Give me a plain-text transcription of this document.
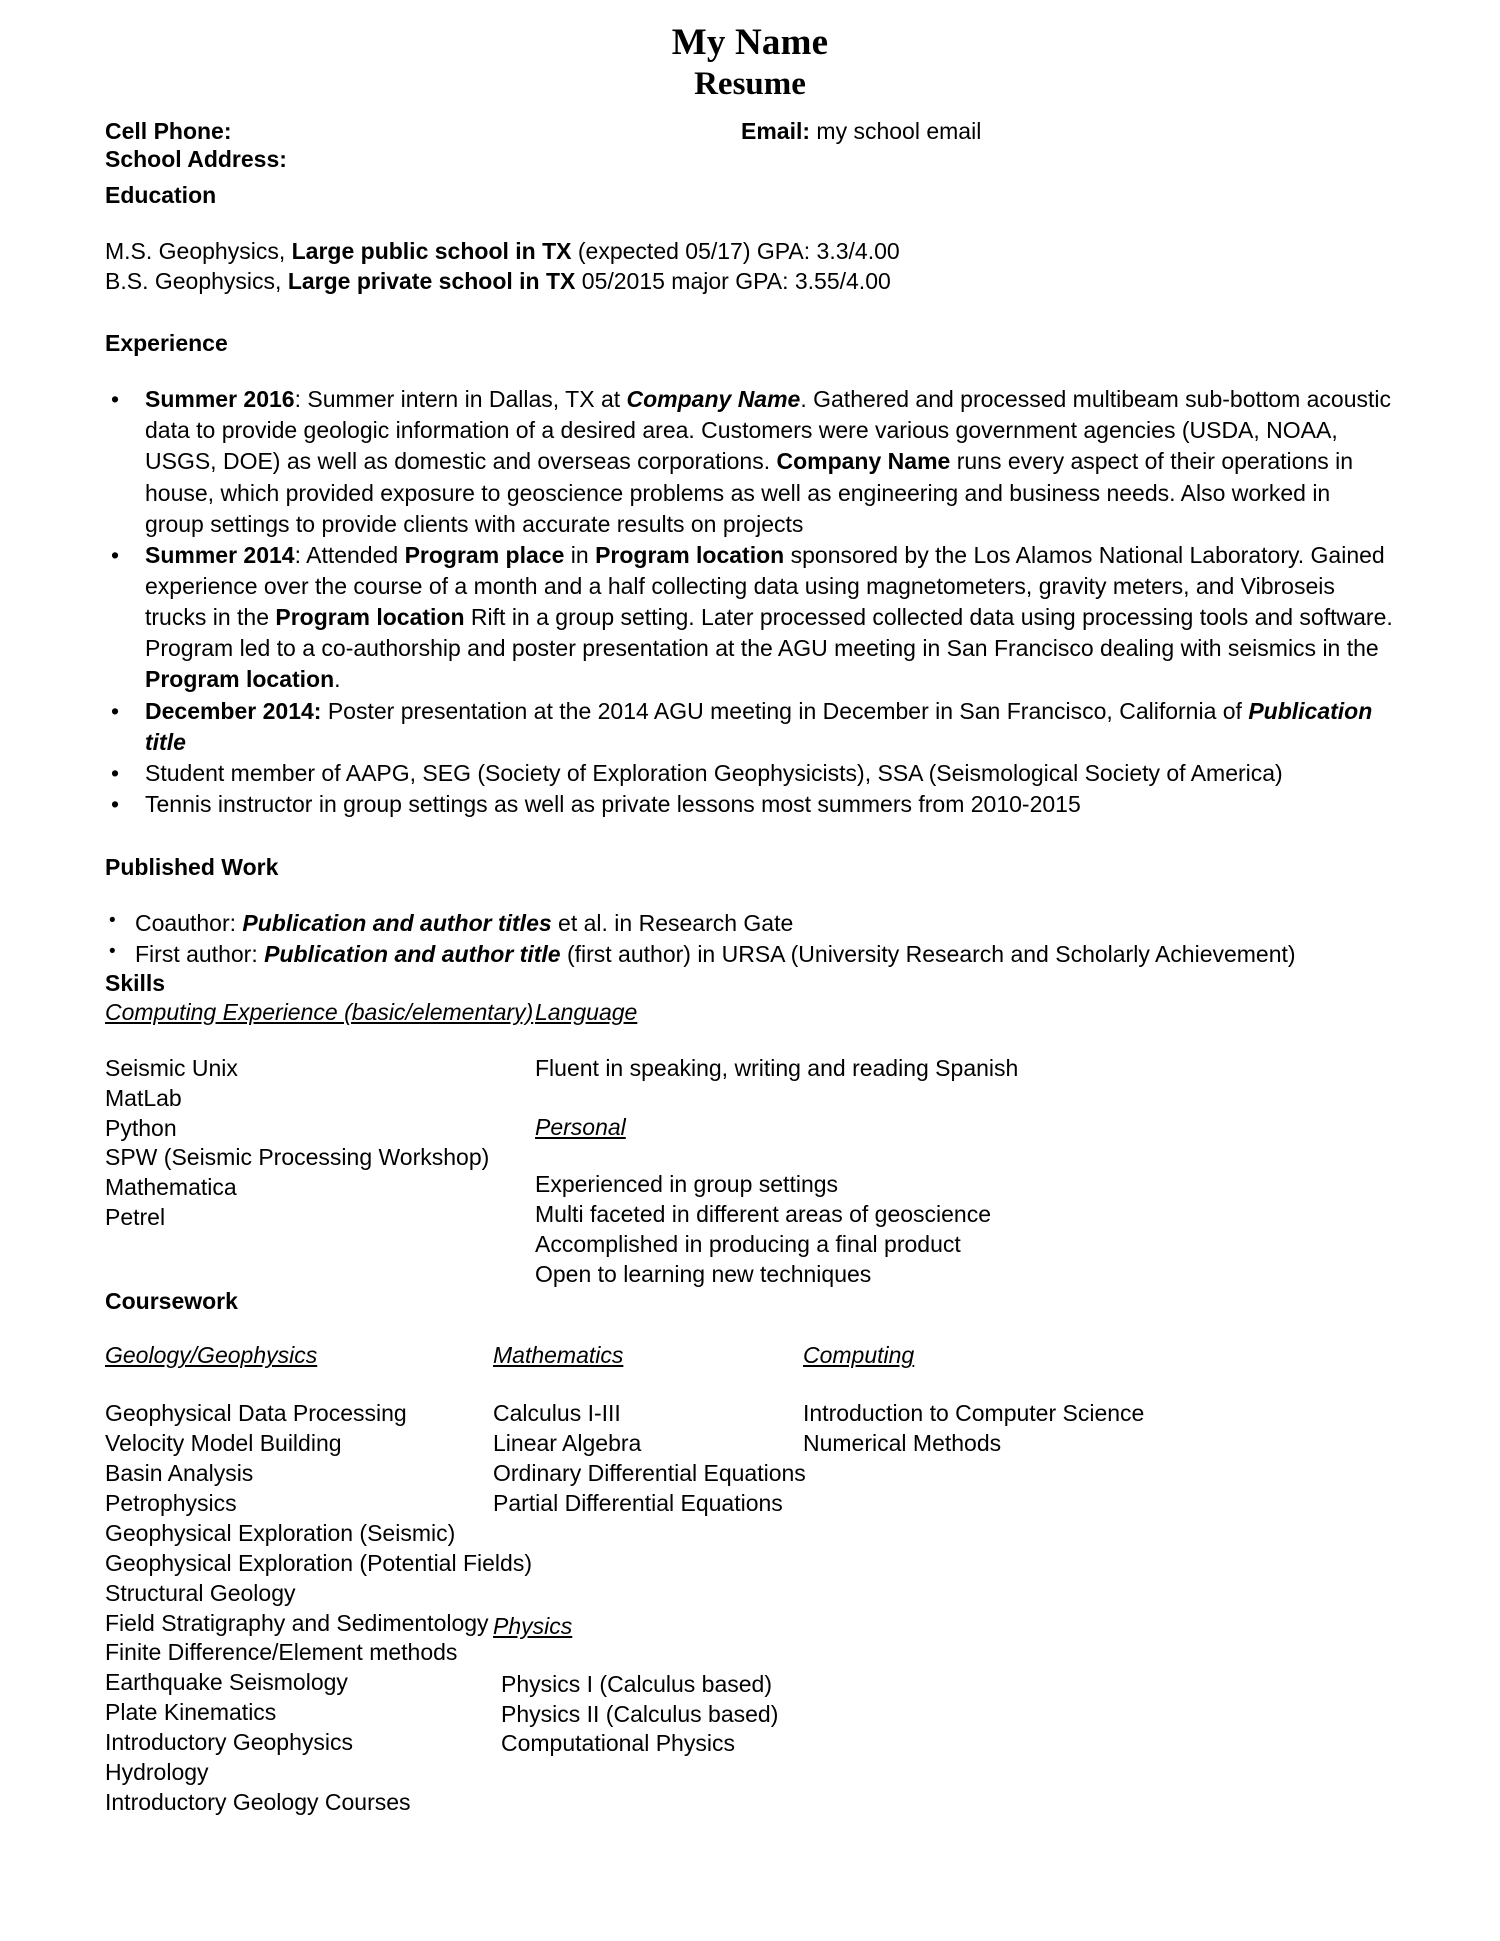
My Name
Resume
Cell Phone:
School Address:
Email: my school email
Education
M.S. Geophysics, Large public school in TX (expected 05/17) GPA: 3.3/4.00
B.S. Geophysics, Large private school in TX 05/2015 major GPA: 3.55/4.00
Experience
• Summer 2016: Summer intern in Dallas, TX at Company Name. Gathered and processed multibeam sub-bottom acoustic data to provide geologic information of a desired area. Customers were various government agencies (USDA, NOAA, USGS, DOE) as well as domestic and overseas corporations. Company Name runs every aspect of their operations in house, which provided exposure to geoscience problems as well as engineering and business needs. Also worked in group settings to provide clients with accurate results on projects
• Summer 2014: Attended Program place in Program location sponsored by the Los Alamos National Laboratory. Gained experience over the course of a month and a half collecting data using magnetometers, gravity meters, and Vibroseis trucks in the Program location Rift in a group setting. Later processed collected data using processing tools and software. Program led to a co-authorship and poster presentation at the AGU meeting in San Francisco dealing with seismics in the Program location.
• December 2014: Poster presentation at the 2014 AGU meeting in December in San Francisco, California of Publication title
• Student member of AAPG, SEG (Society of Exploration Geophysicists), SSA (Seismological Society of America)
• Tennis instructor in group settings as well as private lessons most summers from 2010-2015
Published Work
• Coauthor: Publication and author titles et al. in Research Gate
• First author: Publication and author title (first author) in URSA (University Research and Scholarly Achievement)
Skills
Computing Experience (basic/elementary) Language
Seismic Unix
MatLab
Python
SPW (Seismic Processing Workshop)
Mathematica
Petrel
Fluent in speaking, writing and reading Spanish
Personal
Experienced in group settings
Multi faceted in different areas of geoscience
Accomplished in producing a final product
Open to learning new techniques
Coursework
Geology/Geophysics	Mathematics	Computing
Geophysical Data Processing
Velocity Model Building
Basin Analysis
Petrophysics
Geophysical Exploration (Seismic)
Geophysical Exploration (Potential Fields)
Structural Geology
Field Stratigraphy and Sedimentology
Finite Difference/Element methods
Earthquake Seismology
Plate Kinematics
Introductory Geophysics
Hydrology
Introductory Geology Courses
Calculus I-III
Linear Algebra
Ordinary Differential Equations
Partial Differential Equations
Physics
Physics I (Calculus based)
Physics II (Calculus based)
Computational Physics
Introduction to Computer Science
Numerical Methods
